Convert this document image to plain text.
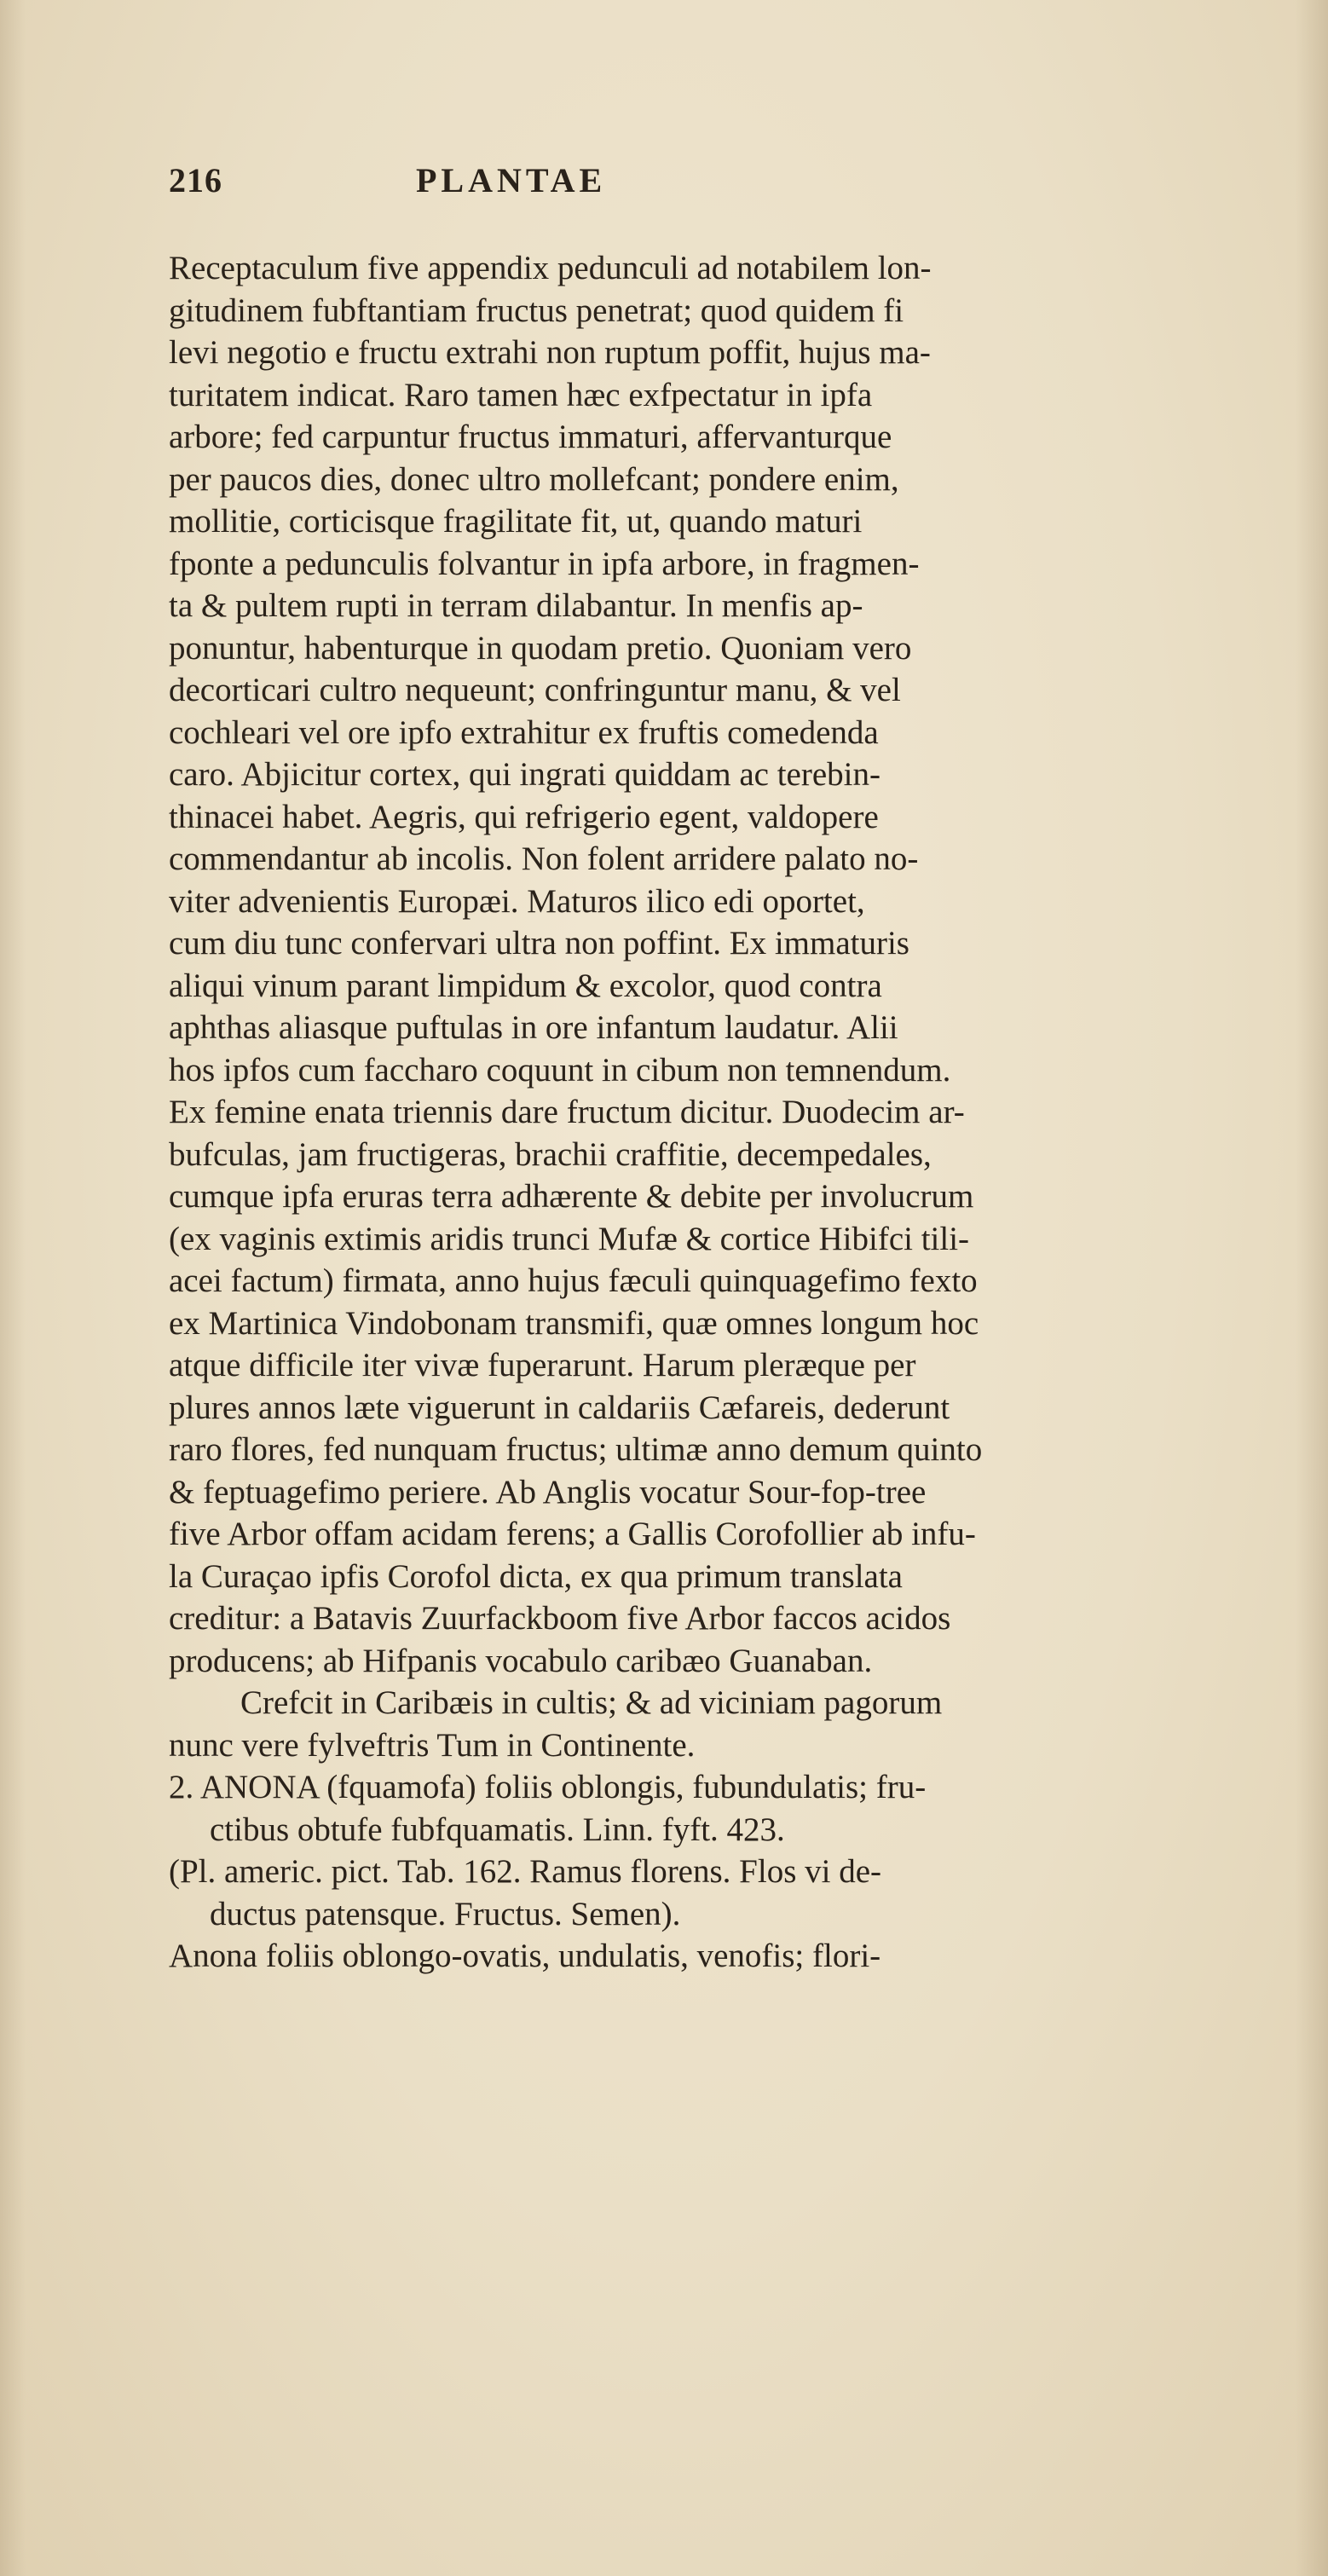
216	PLANTAE
Receptaculum five appendix pedunculi ad notabilem lon-
gitudinem fubftantiam fructus penetrat; quod quidem fi
levi negotio e fructu extrahi non ruptum poffit, hujus ma-
turitatem indicat. Raro tamen hæc exfpectatur in ipfa
arbore; fed carpuntur fructus immaturi, affervanturque
per paucos dies, donec ultro mollefcant; pondere enim,
mollitie, corticisque fragilitate fit, ut, quando maturi
fponte a pedunculis folvantur in ipfa arbore, in fragmen-
ta & pultem rupti in terram dilabantur. In menfis ap-
ponuntur, habenturque in quodam pretio. Quoniam vero
decorticari cultro nequeunt; confringuntur manu, & vel
cochleari vel ore ipfo extrahitur ex fruftis comedenda
caro. Abjicitur cortex, qui ingrati quiddam ac terebin-
thinacei habet. Aegris, qui refrigerio egent, valdopere
commendantur ab incolis. Non folent arridere palato no-
viter advenientis Europæi. Maturos ilico edi oportet,
cum diu tunc confervari ultra non poffint. Ex immaturis
aliqui vinum parant limpidum & excolor, quod contra
aphthas aliasque puftulas in ore infantum laudatur. Alii
hos ipfos cum faccharo coquunt in cibum non temnendum.
Ex femine enata triennis dare fructum dicitur. Duodecim ar-
bufculas, jam fructigeras, brachii craffitie, decempedales,
cumque ipfa eruras terra adhærente & debite per involucrum
(ex vaginis extimis aridis trunci Mufæ & cortice Hibifci tili-
acei factum) firmata, anno hujus fæculi quinquagefimo fexto
ex Martinica Vindobonam transmifi, quæ omnes longum hoc
atque difficile iter vivæ fuperarunt. Harum pleræque per
plures annos læte viguerunt in caldariis Cæfareis, dederunt
raro flores, fed nunquam fructus; ultimæ anno demum quinto
& feptuagefimo periere. Ab Anglis vocatur Sour-fop-tree
five Arbor offam acidam ferens; a Gallis Corofollier ab infu-
la Curaçao ipfis Corofol dicta, ex qua primum translata
creditur: a Batavis Zuurfackboom five Arbor faccos acidos
producens; ab Hifpanis vocabulo caribæo Guanaban.
Crefcit in Caribæis in cultis; & ad viciniam pagorum
nunc vere fylveftris Tum in Continente.
2. ANONA (fquamofa) foliis oblongis, fubundulatis; fru-
ctibus obtufe fubfquamatis. Linn. fyft. 423.
(Pl. americ. pict. Tab. 162. Ramus florens. Flos vi de-
ductus patensque. Fructus. Semen).
Anona foliis oblongo-ovatis, undulatis, venofis; flori-
